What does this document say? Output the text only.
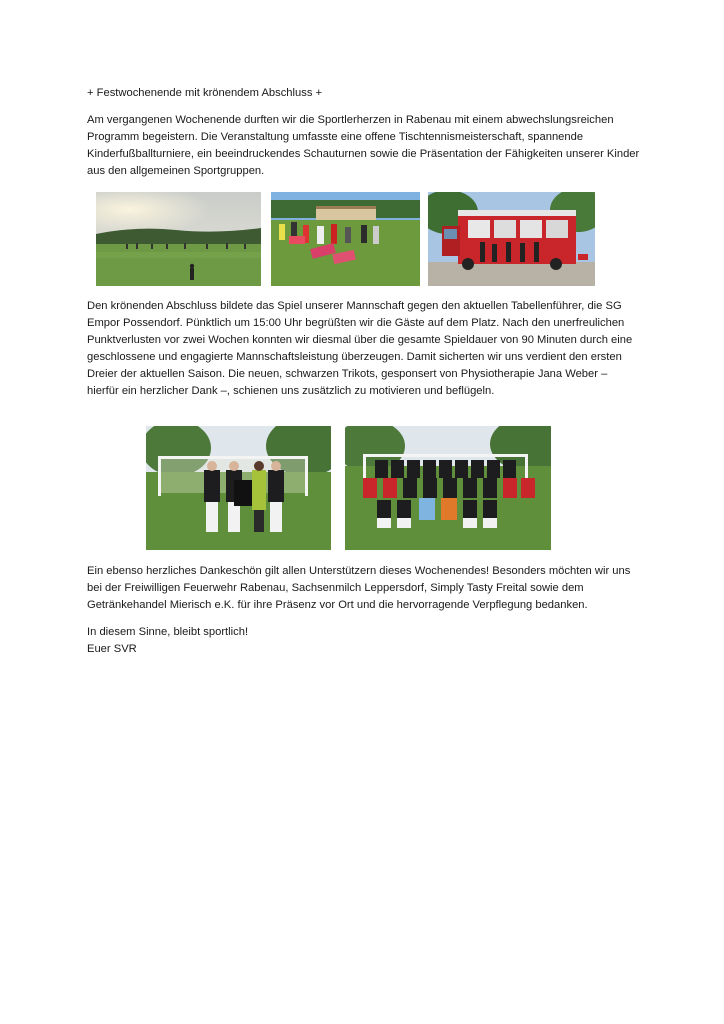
+ Festwochenende mit krönendem Abschluss +

Am vergangenen Wochenende durften wir die Sportlerherzen in Rabenau mit einem abwechslungsreichen Programm begeistern. Die Veranstaltung umfasste eine offene Tischtennismeisterschaft, spannende Kinderfußballturniere, ein beeindruckendes Schauturnen sowie die Präsentation der Fähigkeiten unserer Kinder aus den allgemeinen Sportgruppen.

Den krönenden Abschluss bildete das Spiel unserer Mannschaft gegen den aktuellen Tabellenführer, die SG Empor Possendorf. Pünktlich um 15:00 Uhr begrüßten wir die Gäste auf dem Platz. Nach den unerfreulichen Punktverlusten vor zwei Wochen konnten wir diesmal über die gesamte Spieldauer von 90 Minuten durch eine geschlossene und engagierte Mannschaftsleistung überzeugen. Damit sicherten wir uns verdient den ersten Dreier der aktuellen Saison. Die neuen, schwarzen Trikots, gesponsert von Physiotherapie Jana Weber – hierfür ein herzlicher Dank –, schienen uns zusätzlich zu motivieren und beflügeln.

Ein ebenso herzliches Dankeschön gilt allen Unterstützern dieses Wochenendes! Besonders möchten wir uns bei der Freiwilligen Feuerwehr Rabenau, Sachsenmilch Leppersdorf, Simply Tasty Freital sowie dem Getränkehandel Mierisch e.K. für ihre Präsenz vor Ort und die hervorragende Verpflegung bedanken.

In diesem Sinne, bleibt sportlich!

Euer SVR
